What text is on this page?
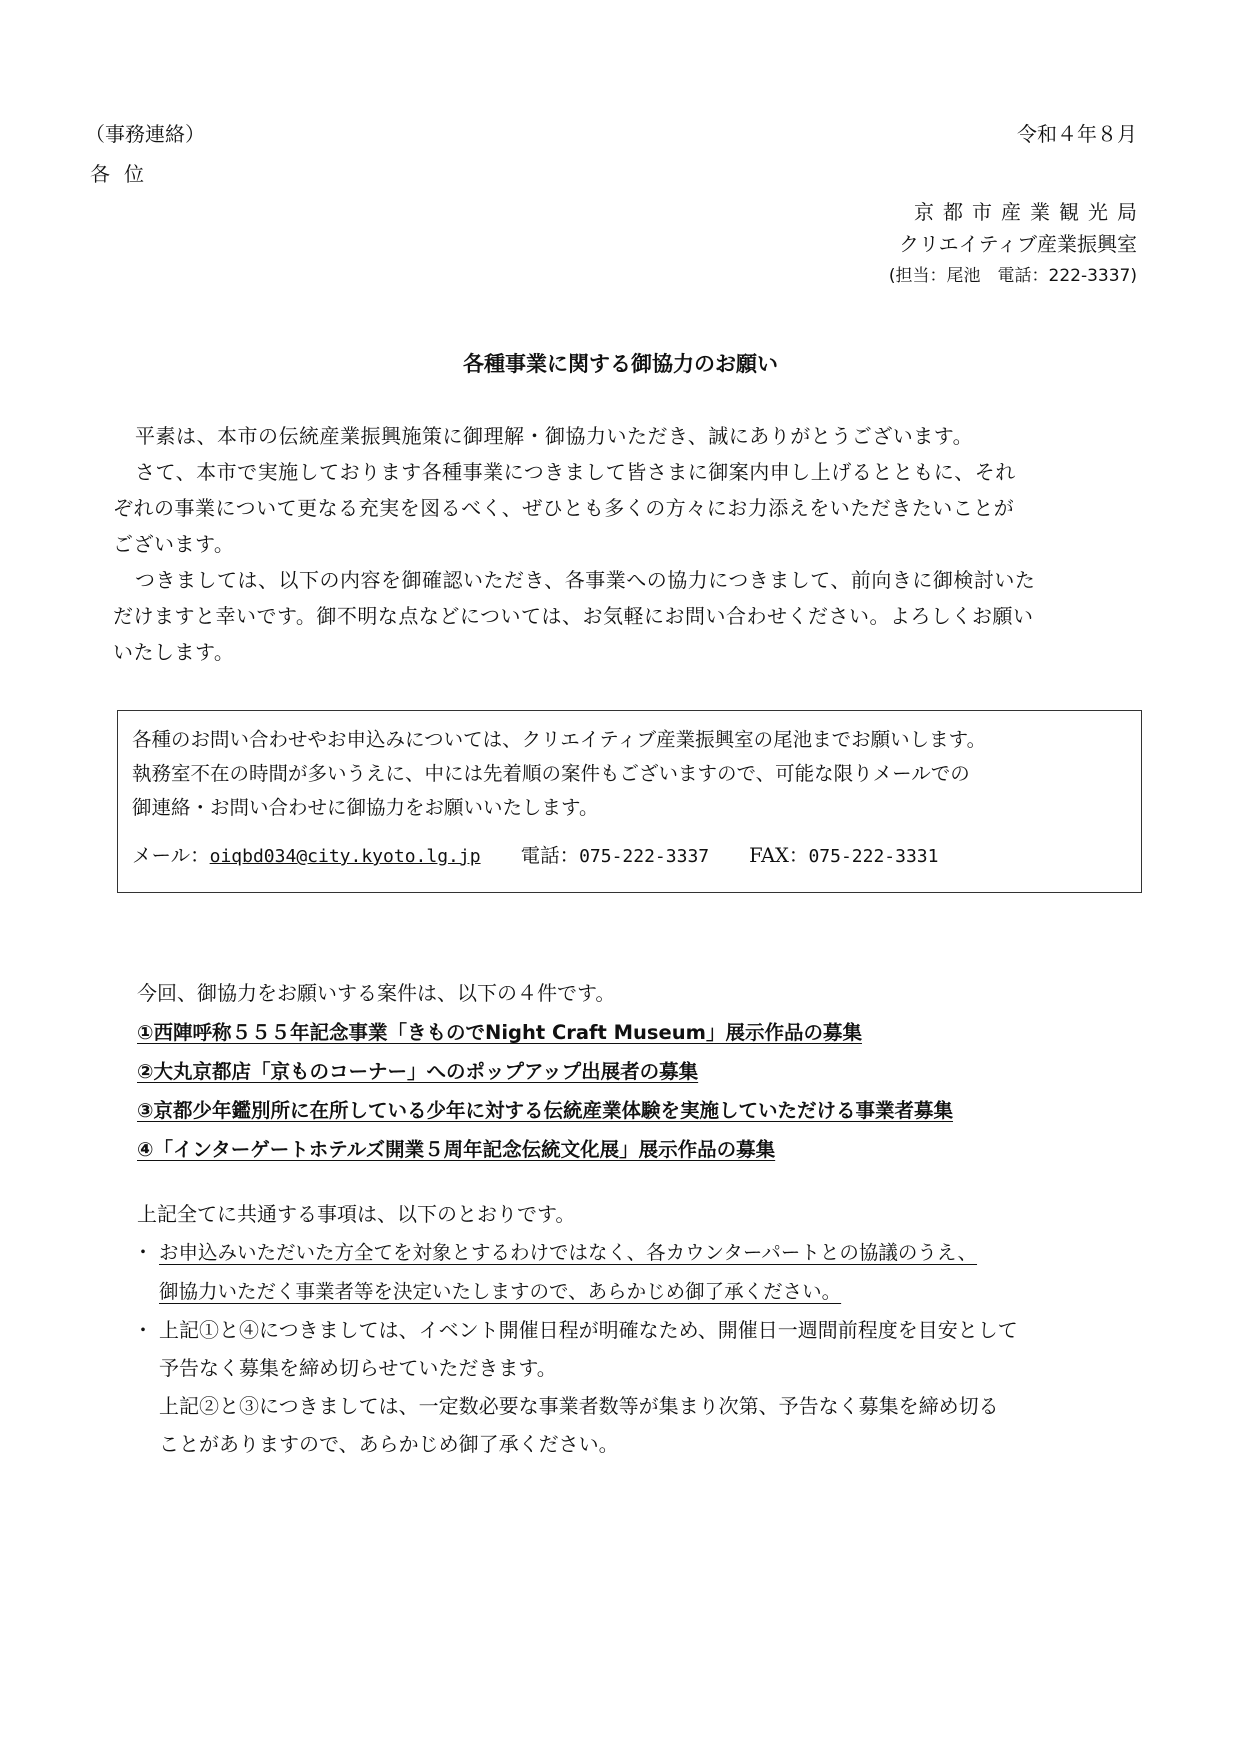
（事務連絡）	令和４年８月
各位
京都市産業観光局
クリエイティブ産業振興室
(担当：尾池　電話：222-3337)
各種事業に関する御協力のお願い

平素は、本市の伝統産業振興施策に御理解・御協力いただき、誠にありがとうございます。

さて、本市で実施しております各種事業につきまして皆さまに御案内申し上げるとともに、それ

ぞれの事業について更なる充実を図るべく、ぜひとも多くの方々にお力添えをいただきたいことが

ございます。

つきましては、以下の内容を御確認いただき、各事業への協力につきまして、前向きに御検討いた

だけますと幸いです。御不明な点などについては、お気軽にお問い合わせください。よろしくお願い

いたします。

各種のお問い合わせやお申込みについては、クリエイティブ産業振興室の尾池までお願いします。

執務室不在の時間が多いうえに、中には先着順の案件もございますので、可能な限りメールでの

御連絡・お問い合わせに御協力をお願いいたします。

メール：oiqbd034@city.kyoto.lg.jp 電話：075-222-3337 FAX：075-222-3331

今回、御協力をお願いする案件は、以下の４件です。

①西陣呼称５５５年記念事業「きものでNight Craft Museum」展示作品の募集

②大丸京都店「京ものコーナー」へのポップアップ出展者の募集

③京都少年鑑別所に在所している少年に対する伝統産業体験を実施していただける事業者募集

④「インターゲートホテルズ開業５周年記念伝統文化展」展示作品の募集

上記全てに共通する事項は、以下のとおりです。

・ お申込みいただいた方全てを対象とするわけではなく、各カウンターパートとの協議のうえ、

御協力いただく事業者等を決定いたしますので、あらかじめ御了承ください。

・ 上記①と④につきましては、イベント開催日程が明確なため、開催日一週間前程度を目安として

予告なく募集を締め切らせていただきます。

上記②と③につきましては、一定数必要な事業者数等が集まり次第、予告なく募集を締め切る

ことがありますので、あらかじめ御了承ください。
